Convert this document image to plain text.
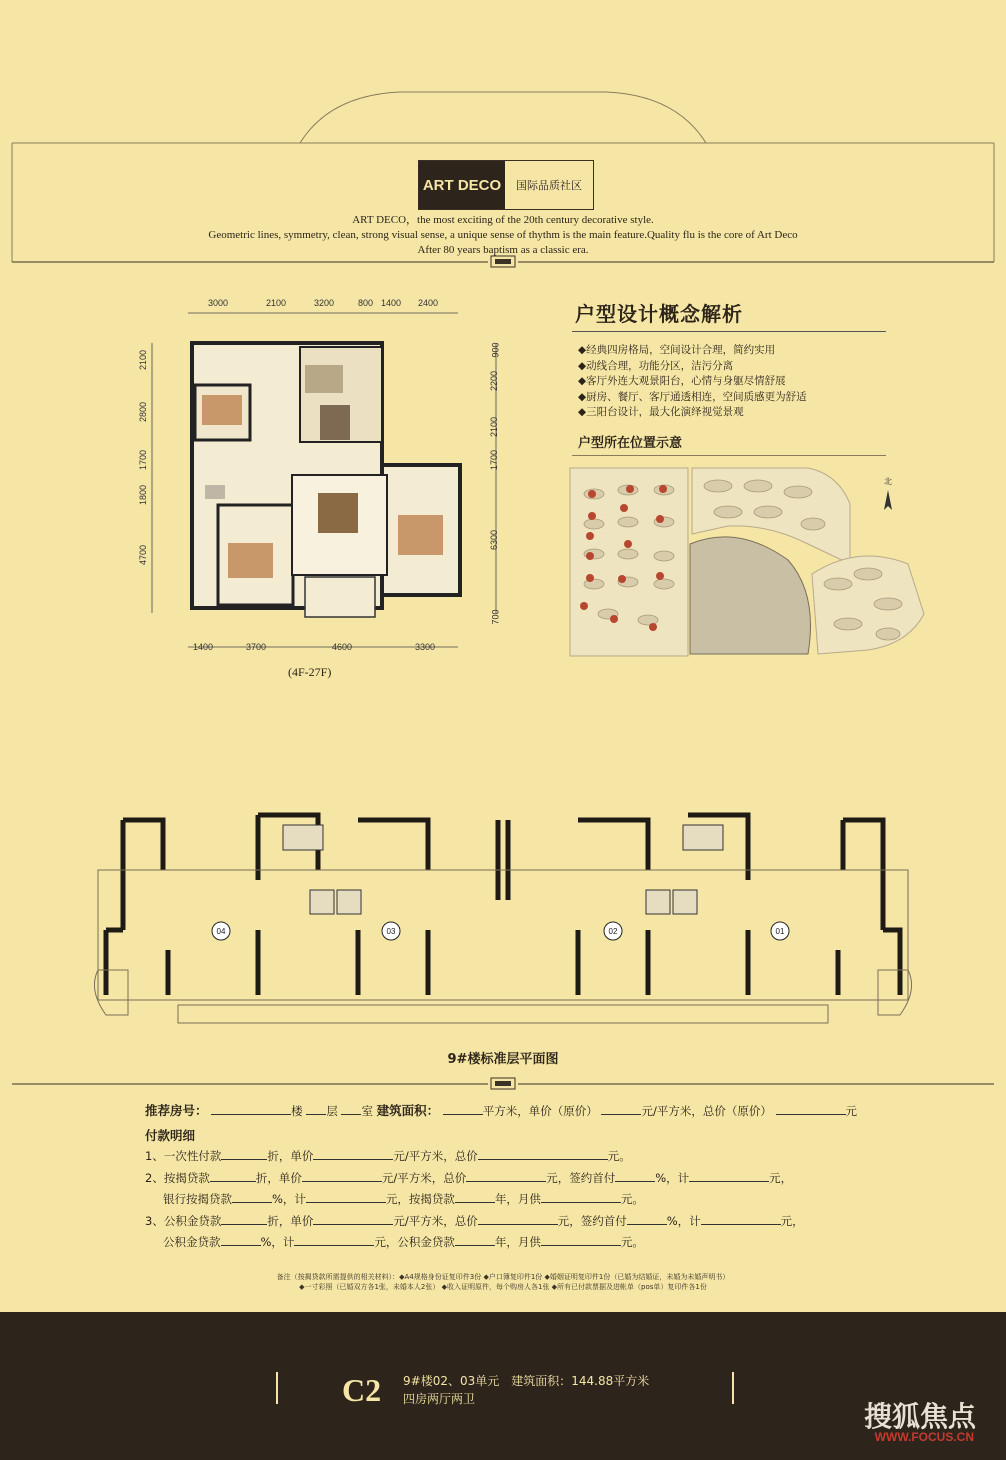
ART DECO	国际品质社区
ART DECO，the most exciting of the 20th century decorative style.
Geometric lines, symmetry, clean, strong visual sense, a unique sense of thythm is the main feature.Quality flu is the core of Art Deco
After 80 years baptism as a classic era.
3000	2100	3200	800 1400 2400
1400	3700	4600	3300
2100
2800
1700
1800
4700
900
2200
2100
1700
6300
700
(4F-27F)
户型设计概念解析
◆经典四房格局，空间设计合理，简约实用
◆动线合理，功能分区，洁污分离
◆客厅外连大观景阳台，心情与身躯尽情舒展
◆厨房、餐厅、客厅通透相连，空间质感更为舒适
◆三阳台设计，最大化演绎视觉景观
户型所在位置示意
北
04	03	02	01
9#楼标准层平面图
推荐房号：	楼 层 室 建筑面积：	平方米，单价（原价）	元/平方米，总价（原价）	元
付款明细
1、一次性付款	折，单价	元/平方米，总价	元。
2、按揭贷款	折，单价	元/平方米，总价	元，签约首付	%，计	元，
银行按揭贷款	%，计	元，按揭贷款	年，月供	元。
3、公积金贷款	折，单价	元/平方米，总价	元，签约首付	%，计	元，
公积金贷款	%，计	元，公积金贷款	年，月供	元。
备注（按揭贷款所需提供的相关材料）：◆A4规格身份证复印件3份 ◆户口簿复印件1份 ◆婚姻证明复印件1份（已婚为结婚证，未婚为未婚声明书）
◆一寸彩照（已婚双方各1张，未婚本人2张） ◆收入证明原件，每个购房人各1张 ◆所有已付款票据及进帐单（pos单）复印件各1份
C2 9#楼02、03单元　建筑面积：144.88平方米
四房两厅两卫
搜狐焦点
WWW.FOCUS.CN
